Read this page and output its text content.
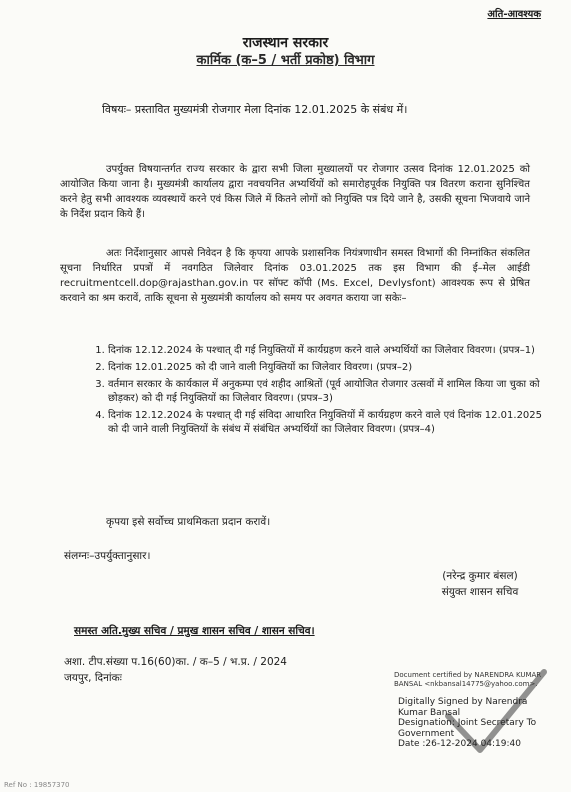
अति-आवश्यक
राजस्थान सरकार
कार्मिक (क–5 / भर्ती प्रकोष्ठ) विभाग
विषयः– प्रस्तावित मुख्यमंत्री रोजगार मेला दिनांक 12.01.2025 के संबंध में।
उपर्युक्त विषयान्तर्गत राज्य सरकार के द्वारा सभी जिला मुख्यालयों पर रोजगार उत्सव दिनांक 12.01.2025 को आयोजित किया जाना है। मुख्यमंत्री कार्यालय द्वारा नवचयनित अभ्यर्थियों को समारोहपूर्वक नियुक्ति पत्र वितरण कराना सुनिश्चित करने हेतु सभी आवश्यक व्यवस्थायें करने एवं किस जिले में कितने लोगों को नियुक्ति पत्र दिये जाने है, उसकी सूचना भिजवाये जाने के निर्देश प्रदान किये हैं।
अतः निर्देशानुसार आपसे निवेदन है कि कृपया आपके प्रशासनिक नियंत्रणाधीन समस्त विभागों की निम्नांकित संकलित सूचना निर्धारित प्रपत्रों में नवगठित जिलेवार दिनांक 03.01.2025 तक इस विभाग की ई–मेल आईडी recruitmentcell.dop@rajasthan.gov.in पर सॉफ्ट कॉपी (Ms. Excel, Devlysfont) आवश्यक रूप से प्रेषित करवाने का श्रम करावें, ताकि सूचना से मुख्यमंत्री कार्यालय को समय पर अवगत कराया जा सकेः–
1. दिनांक 12.12.2024 के पश्चात् दी गई नियुक्तियों में कार्यग्रहण करने वाले अभ्यर्थियों का जिलेवार विवरण। (प्रपत्र–1)
2. दिनांक 12.01.2025 को दी जाने वाली नियुक्तियों का जिलेवार विवरण। (प्रपत्र–2)
3. वर्तमान सरकार के कार्यकाल में अनुकम्पा एवं शहीद आश्रितों (पूर्व आयोजित रोजगार उत्सवों में शामिल किया जा चुका को छोड़कर) को दी गई नियुक्तियों का जिलेवार विवरण। (प्रपत्र–3)
4. दिनांक 12.12.2024 के पश्चात् दी गई संविदा आधारित नियुक्तियों में कार्यग्रहण करने वाले एवं दिनांक 12.01.2025 को दी जाने वाली नियुक्तियों के संबंध में संबंधित अभ्यर्थियों का जिलेवार विवरण। (प्रपत्र–4)
कृपया इसे सर्वोच्च प्राथमिकता प्रदान करावें।
संलग्नः–उपर्युक्तानुसार।
(नरेन्द्र कुमार बंसल)
संयुक्त शासन सचिव
समस्त अति.मुख्य सचिव / प्रमुख शासन सचिव / शासन सचिव।
अशा. टीप.संख्या प.16(60)का. / क–5 / भ.प्र. / 2024
जयपुर, दिनांकः	Document certified by NARENDRA KUMAR BANSAL <nkbansal14775@yahoo.com>.
Digitally Signed by Narendra
Kumar Bansal
Designation: Joint Secretary To
Government
Date :26-12-2024 04:19:40
Ref No : 19857370
